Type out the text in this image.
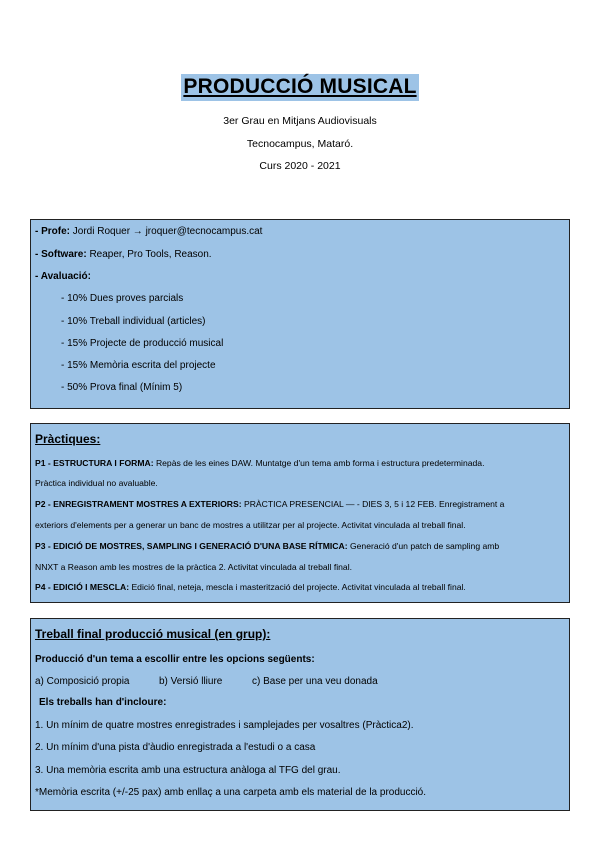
PRODUCCIÓ MUSICAL
3er Grau en Mitjans Audiovisuals
Tecnocampus, Mataró.
Curs 2020 - 2021
- Profe: Jordi Roquer → jroquer@tecnocampus.cat
- Software: Reaper, Pro Tools, Reason.
- Avaluació:
- 10% Dues proves parcials
- 10% Treball individual (articles)
- 15% Projecte de producció musical
- 15% Memòria escrita del projecte
- 50% Prova final (Mínim 5)
Pràctiques:
P1 - ESTRUCTURA I FORMA: Repàs de les eines DAW. Muntatge d'un tema amb forma i estructura predeterminada.
Pràctica individual no avaluable.
P2 - ENREGISTRAMENT MOSTRES A EXTERIORS: PRÀCTICA PRESENCIAL — - DIES 3, 5 i 12 FEB. Enregistrament a
exteriors d'elements per a generar un banc de mostres a utilitzar per al projecte. Activitat vinculada al treball final.
P3 - EDICIÓ DE MOSTRES, SAMPLING I GENERACIÓ D'UNA BASE RÍTMICA: Generació d'un patch de sampling amb
NNXT a Reason amb les mostres de la pràctica 2. Activitat vinculada al treball final.
P4 - EDICIÓ I MESCLA: Edició final, neteja, mescla i masterització del projecte. Activitat vinculada al treball final.
Treball final producció musical (en grup):
Producció d'un tema a escollir entre les opcions següents:
a) Composició propia	b) Versió lliure	c) Base per una veu donada
Els treballs han d'incloure:
1. Un mínim de quatre mostres enregistrades i samplejades per vosaltres (Pràctica2).
2. Un mínim d'una pista d'àudio enregistrada a l'estudi o a casa
3. Una memòria escrita amb una estructura anàloga al TFG del grau.
*Memòria escrita (+/-25 pax) amb enllaç a una carpeta amb els material de la producció.
